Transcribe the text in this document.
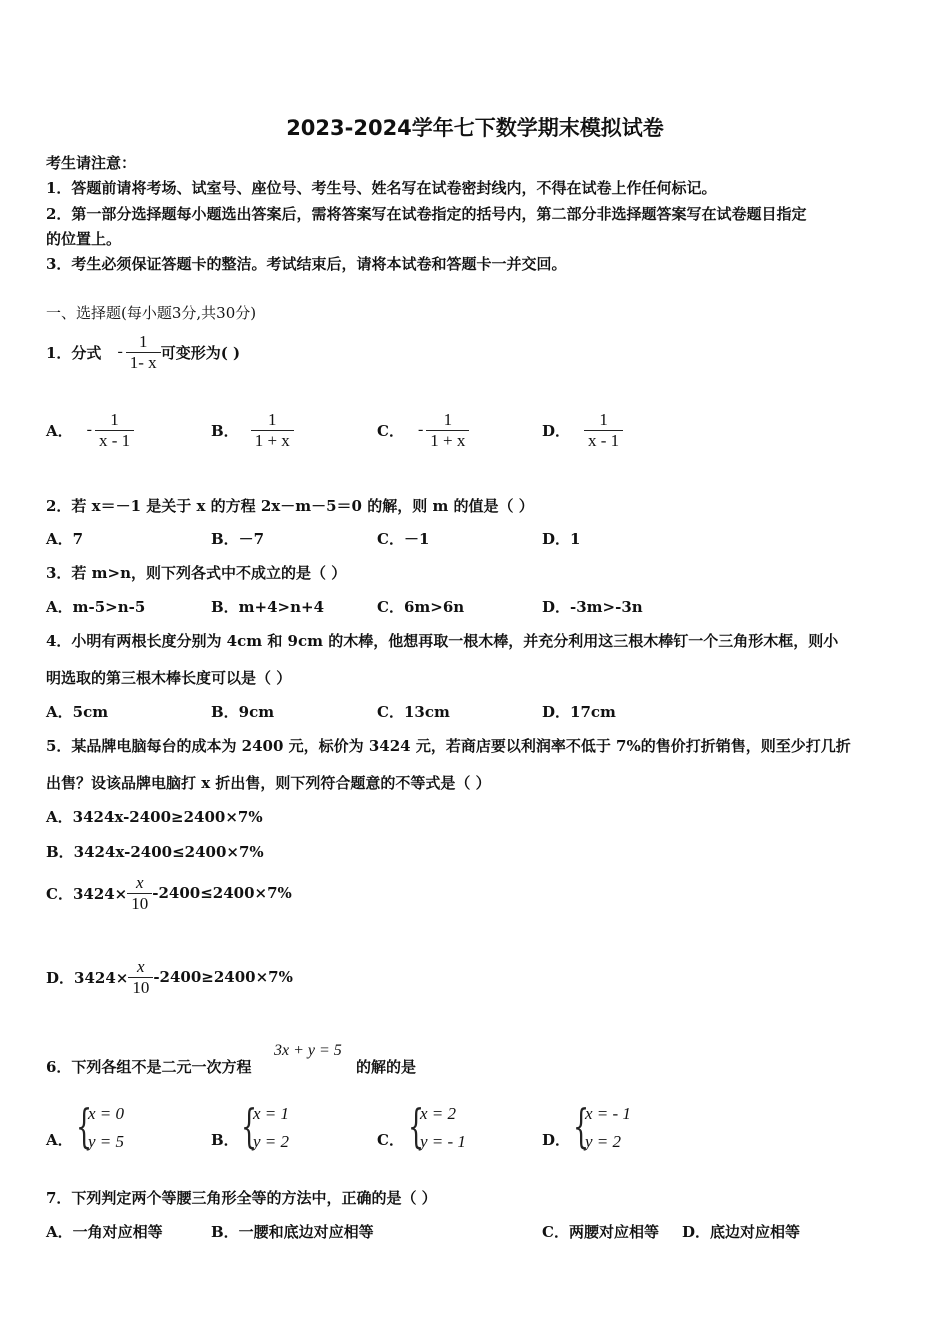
2023-2024学年七下数学期末模拟试卷
考生请注意：
1．答题前请将考场、试室号、座位号、考生号、姓名写在试卷密封线内，不得在试卷上作任何标记。
2．第一部分选择题每小题选出答案后，需将答案写在试卷指定的括号内，第二部分非选择题答案写在试卷题目指定
的位置上。
3．考生必须保证答题卡的整洁。考试结束后，请将本试卷和答题卡一并交回。
一、选择题(每小题3分,共30分)
1．分式 - $\frac{1}{1- x}$ 可变形为( )
A． - $\frac{1}{x - 1}$	B． $\frac{1}{1 + x}$	C． - $\frac{1}{1 + x}$	D． $\frac{1}{x - 1}$
2．若 x＝－1 是关于 x 的方程 2x－m－5＝0 的解，则 m 的值是（ ）
A．7	B．－7	C．－1	D．1
3．若 m>n，则下列各式中不成立的是（ ）
A．m-5>n-5	B．m+4>n+4	C．6m>6n	D．-3m>-3n
4．小明有两根长度分别为 4cm 和 9cm 的木棒，他想再取一根木棒，并充分利用这三根木棒钉一个三角形木框，则小
明选取的第三根木棒长度可以是（ ）
A．5cm	B．9cm	C．13cm	D．17cm
5．某品牌电脑每台的成本为 2400 元，标价为 3424 元，若商店要以利润率不低于 7%的售价打折销售，则至少打几折
出售？设该品牌电脑打 x 折出售，则下列符合题意的不等式是（ ）
A．3424x-2400≥2400×7%
B．3424x-2400≤2400×7%
C．$3424\times \frac{x}{10} -2400\le 2400\times 7\%$
D．$3424\times \frac{x}{10} -2400\ge 2400\times 7\%$
6．下列各组不是二元一次方程
3x + y = 5
的解的是
A． {
x = 0
y = 5	B． {
x = 1
y = 2	C． {
x = 2
y = - 1	D． {
x = - 1
y = 2
7．下列判定两个等腰三角形全等的方法中，正确的是（ ）
A．一角对应相等	B．一腰和底边对应相等	C．两腰对应相等 D．底边对应相等
